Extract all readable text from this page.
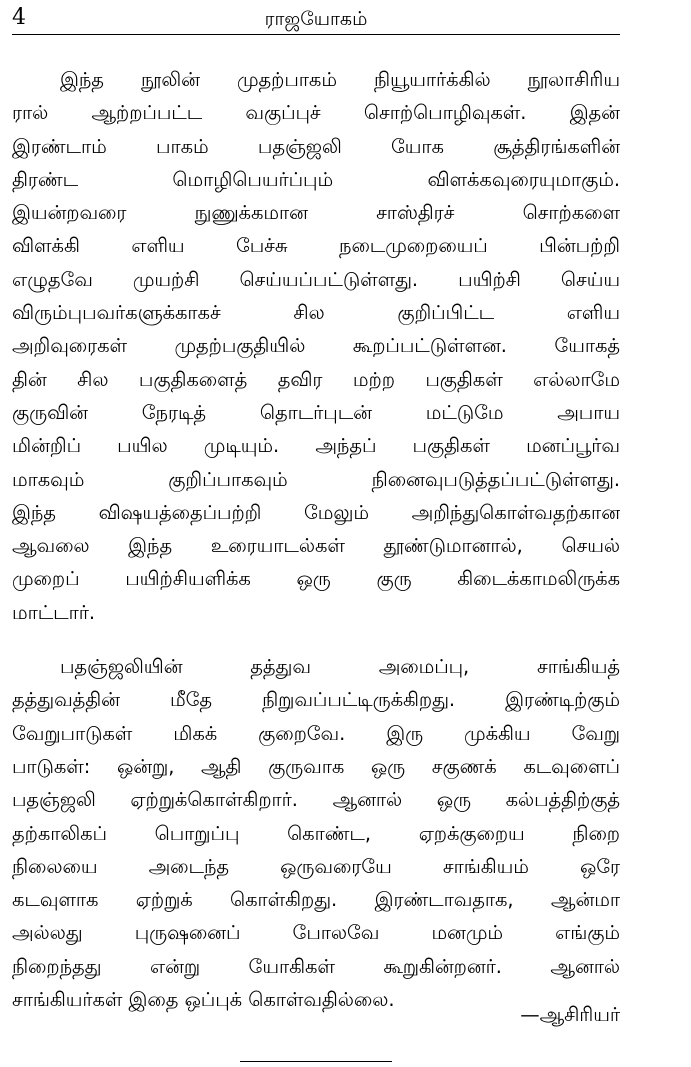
4	ராஜயோகம்

இந்த நூலின் முதற்பாகம் நியூயார்க்கில் நூலாசிரிய
ரால் ஆற்றப்பட்ட வகுப்புச் சொற்பொழிவுகள். இதன்
இரண்டாம் பாகம் பதஞ்ஜலி யோக சூத்திரங்களின்
திரண்ட மொழிபெயர்ப்பும் விளக்கவுரையுமாகும்.
இயன்றவரை நுணுக்கமான சாஸ்திரச் சொற்களை
விளக்கி எளிய பேச்சு நடைமுறையைப் பின்பற்றி
எழுதவே முயற்சி செய்யப்பட்டுள்ளது. பயிற்சி செய்ய
விரும்புபவர்களுக்காகச் சில குறிப்பிட்ட எளிய
அறிவுரைகள் முதற்பகுதியில் கூறப்பட்டுள்ளன. யோகத்
தின் சில பகுதிகளைத் தவிர மற்ற பகுதிகள் எல்லாமே
குருவின் நேரடித் தொடர்புடன் மட்டுமே அபாய
மின்றிப் பயில முடியும். அந்தப் பகுதிகள் மனப்பூர்வ
மாகவும் குறிப்பாகவும் நினைவுபடுத்தப்பட்டுள்ளது.
இந்த விஷயத்தைப்பற்றி மேலும் அறிந்துகொள்வதற்கான
ஆவலை இந்த உரையாடல்கள் தூண்டுமானால், செயல்
முறைப் பயிற்சியளிக்க ஒரு குரு கிடைக்காமலிருக்க
மாட்டார்.

பதஞ்ஜலியின் தத்துவ அமைப்பு, சாங்கியத்
தத்துவத்தின் மீதே நிறுவப்பட்டிருக்கிறது. இரண்டிற்கும்
வேறுபாடுகள் மிகக் குறைவே. இரு முக்கிய வேறு
பாடுகள்: ஒன்று, ஆதி குருவாக ஒரு சகுணக் கடவுளைப்
பதஞ்ஜலி ஏற்றுக்கொள்கிறார். ஆனால் ஒரு கல்பத்திற்குத்
தற்காலிகப் பொறுப்பு கொண்ட, ஏறக்குறைய நிறை
நிலையை அடைந்த ஒருவரையே சாங்கியம் ஒரே
கடவுளாக ஏற்றுக் கொள்கிறது. இரண்டாவதாக, ஆன்மா
அல்லது புருஷனைப் போலவே மனமும் எங்கும்
நிறைந்தது என்று யோகிகள் கூறுகின்றனர். ஆனால்
சாங்கியர்கள் இதை ஒப்புக் கொள்வதில்லை.

—ஆசிரியர்
